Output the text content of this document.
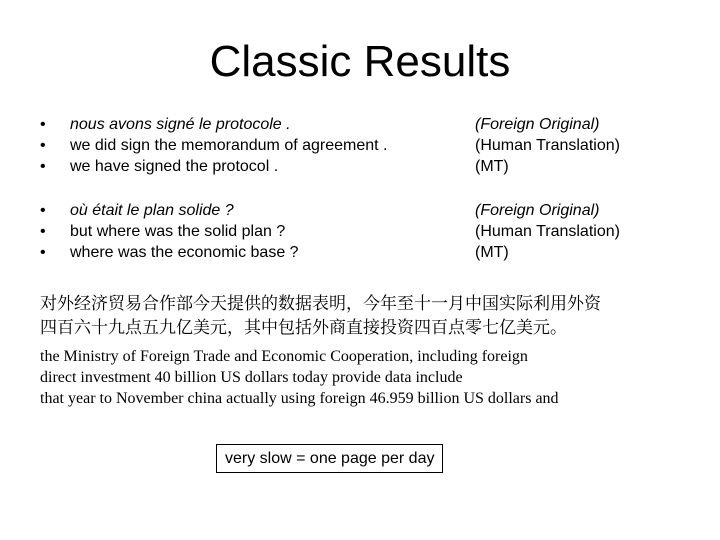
Classic Results
• nous avons signé le protocole .	(Foreign Original)
• we did sign the memorandum of agreement .	(Human Translation)
• we have signed the protocol .	(MT)
• où était le plan solide ?	(Foreign Original)
• but where was the solid plan ?	(Human Translation)
• where was the economic base ?	(MT)
对外经济贸易合作部今天提供的数据表明，今年至十一月中国实际利用外资
四百六十九点五九亿美元，其中包括外商直接投资四百点零七亿美元。
the Ministry of Foreign Trade and Economic Cooperation, including foreign
direct investment 40 billion US dollars today provide data include
that year to November china actually using foreign 46.959 billion US dollars and
very slow = one page per day
